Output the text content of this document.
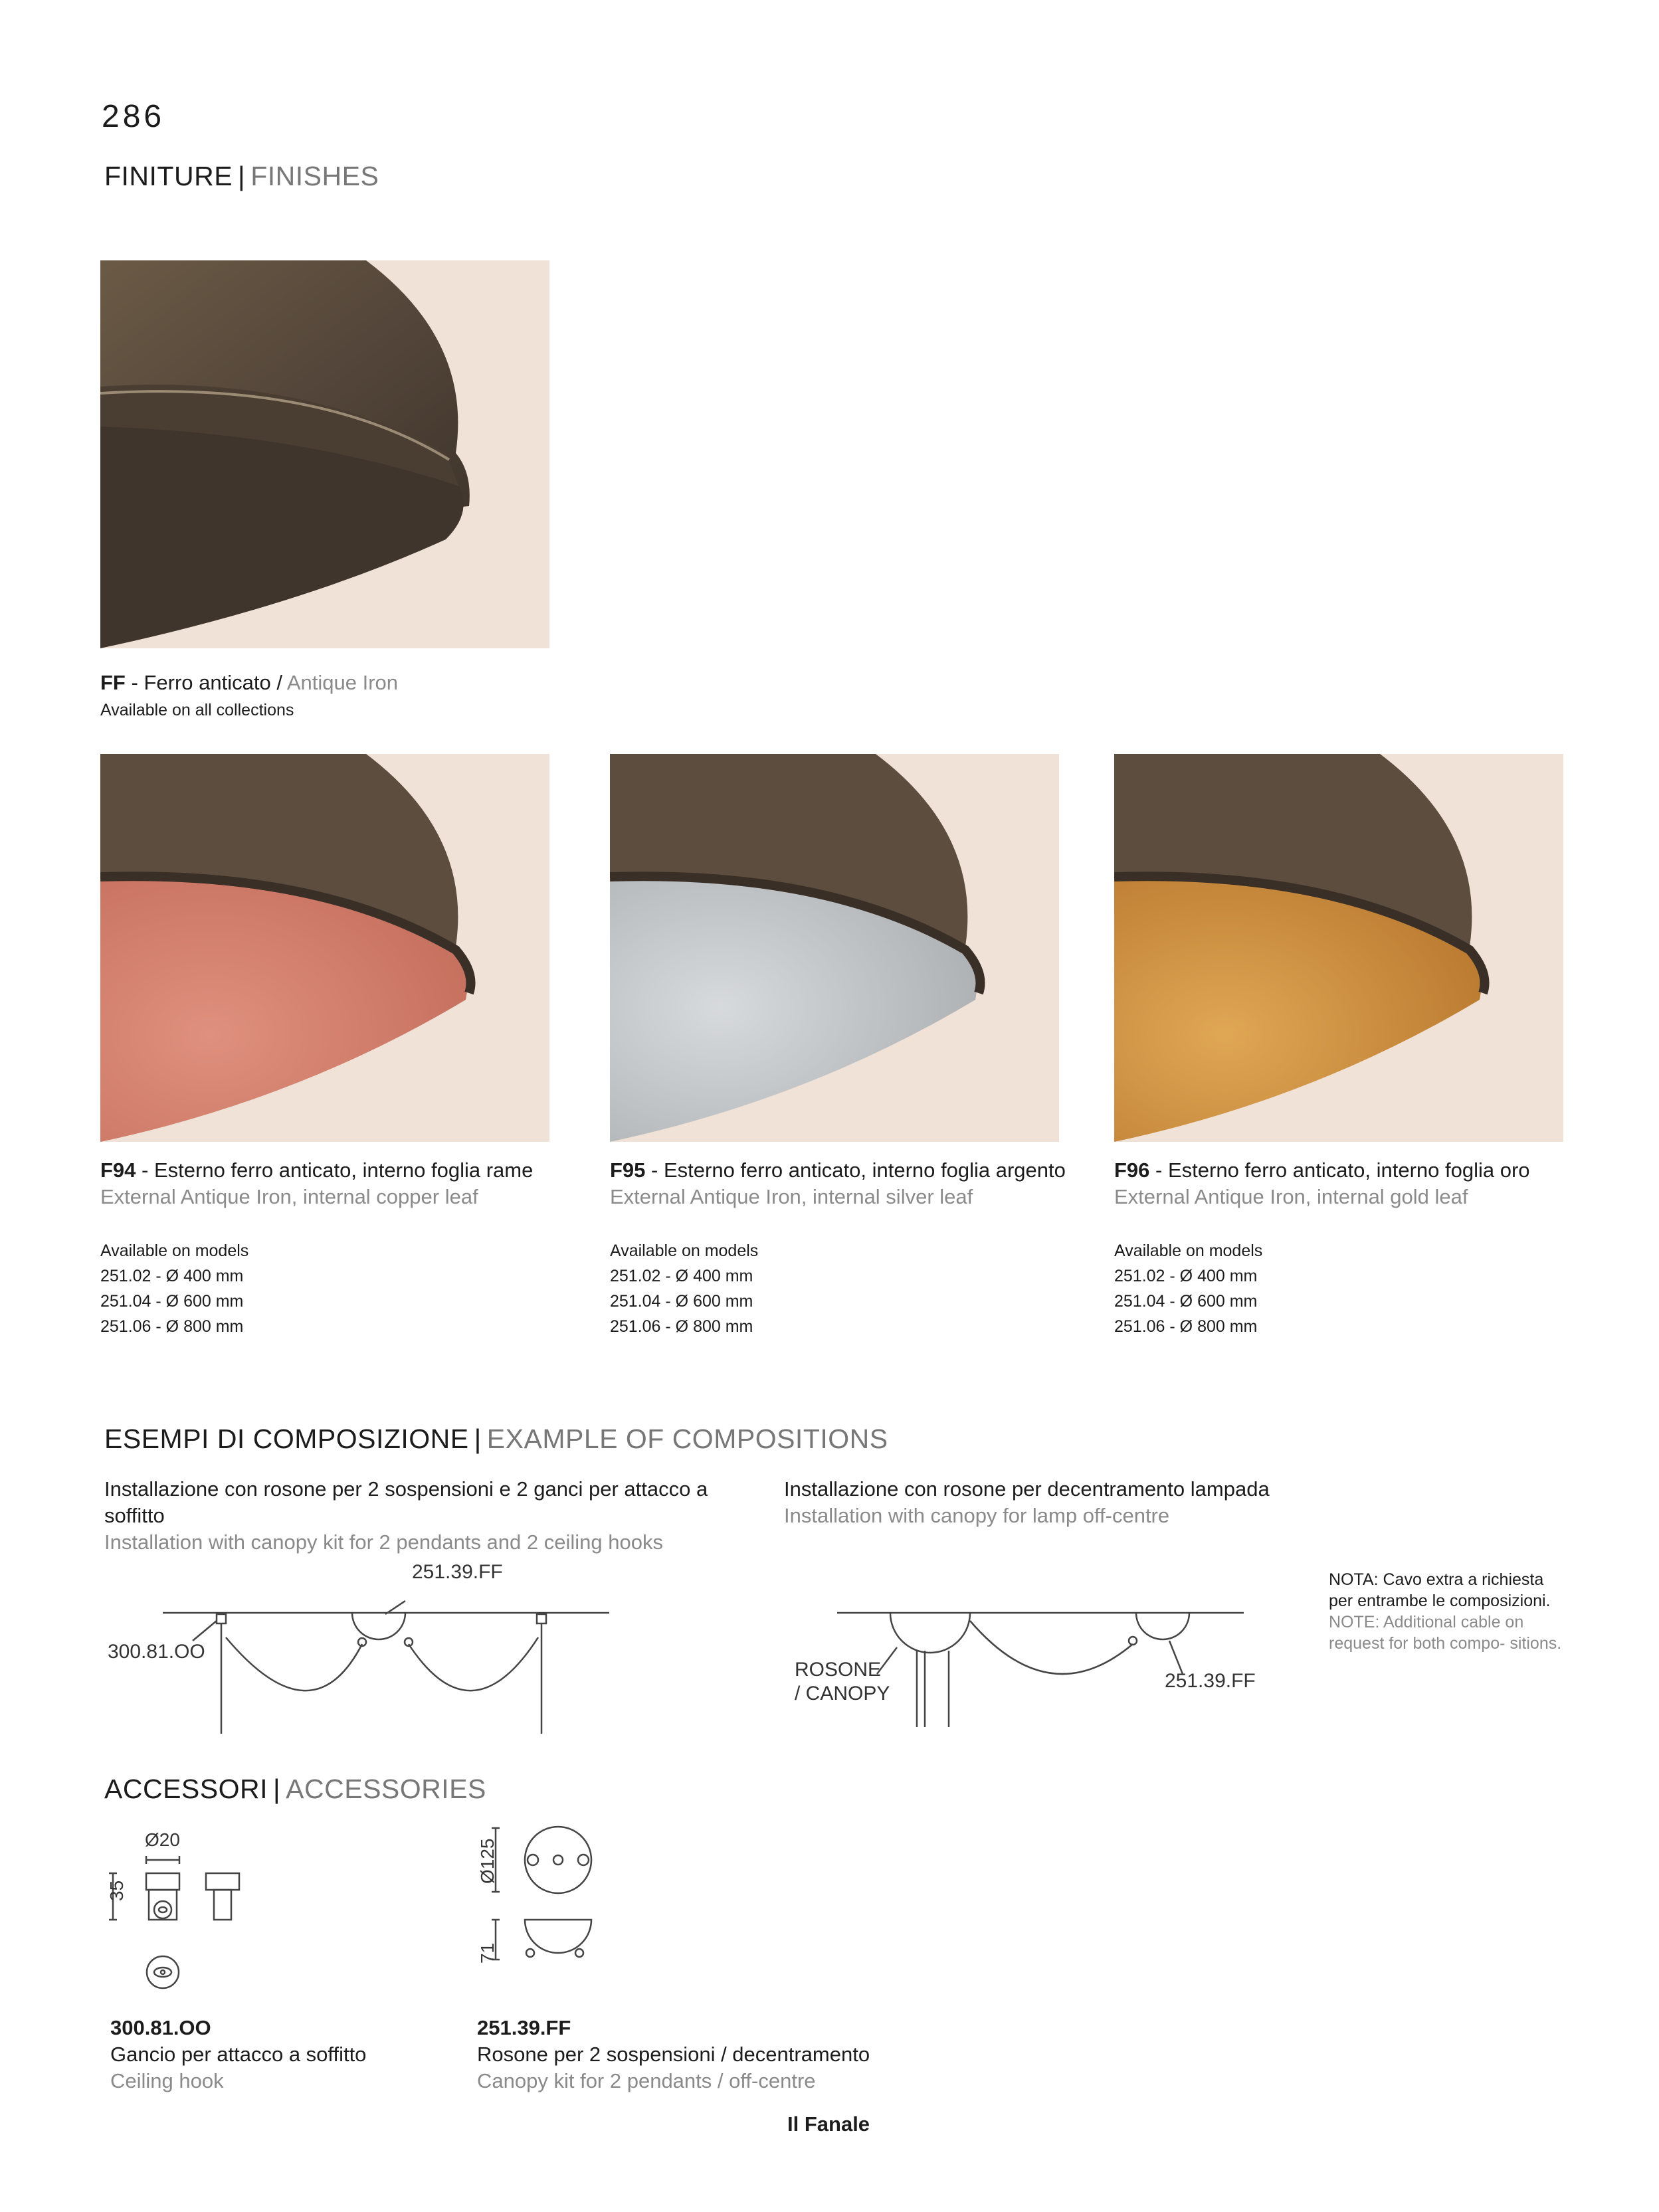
286
FINITURE | FINISHES
FF - Ferro anticato / Antique Iron
Available on all collections
F94 - Esterno ferro anticato, interno foglia rame
External Antique Iron, internal copper leaf
Available on models
251.02 - Ø 400 mm
251.04 - Ø 600 mm
251.06 - Ø 800 mm
F95 - Esterno ferro anticato, interno foglia argento
External Antique Iron, internal silver leaf
Available on models
251.02 - Ø 400 mm
251.04 - Ø 600 mm
251.06 - Ø 800 mm
F96 - Esterno ferro anticato, interno foglia oro
External Antique Iron, internal gold leaf
Available on models
251.02 - Ø 400 mm
251.04 - Ø 600 mm
251.06 - Ø 800 mm
ESEMPI DI COMPOSIZIONE | EXAMPLE OF COMPOSITIONS
Installazione con rosone per 2 sospensioni e 2 ganci per attacco a soffitto
Installation with canopy kit for 2 pendants and 2 ceiling hooks
Installazione con rosone per decentramento lampada
Installation with canopy for lamp off-centre
251.39.FF
300.81.OO
ROSONE
/ CANOPY
251.39.FF
NOTA: Cavo extra a richiesta per entrambe le composizioni.
NOTE: Additional cable on request for both compo- sitions.
ACCESSORI | ACCESSORIES
Ø20
35
Ø125
71
300.81.OO
Gancio per attacco a soffitto
Ceiling hook
251.39.FF
Rosone per 2 sospensioni / decentramento
Canopy kit for 2 pendants / off-centre
Il Fanale
